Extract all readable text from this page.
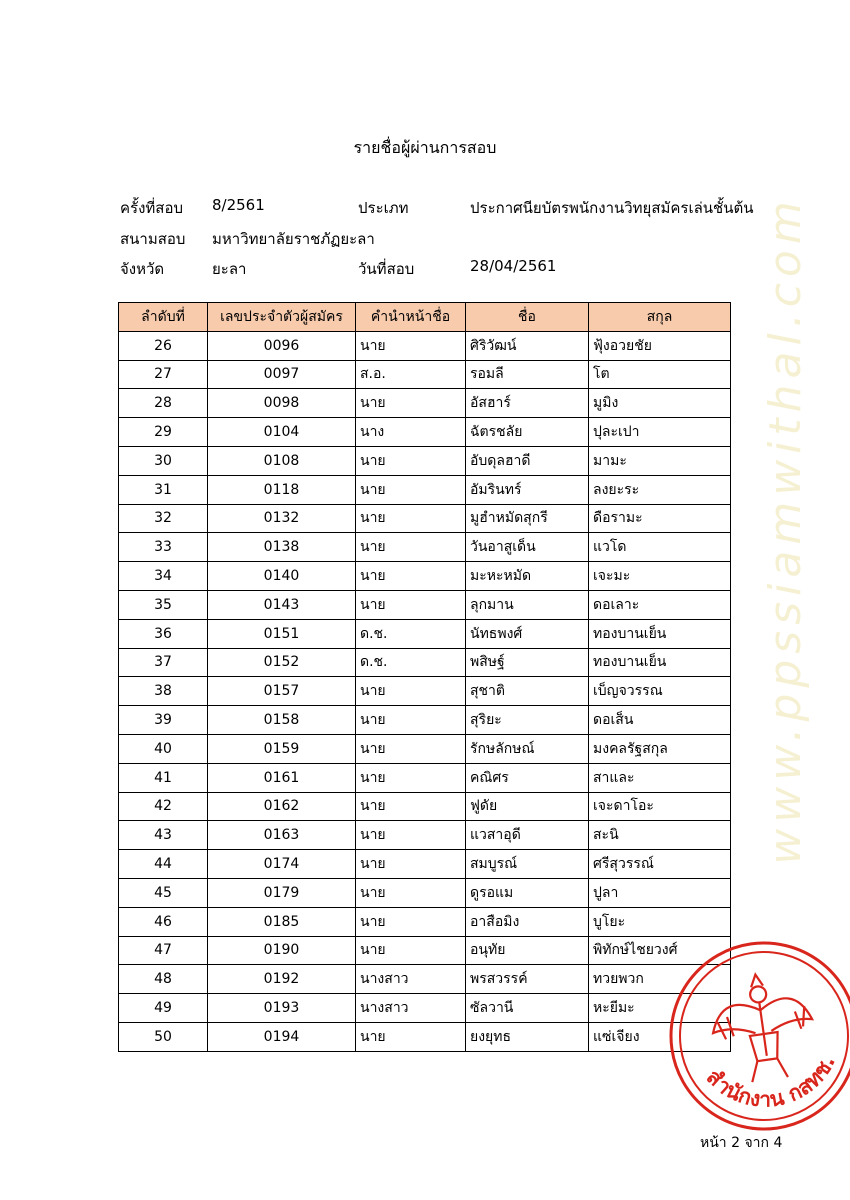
www.ppssiamwithal.com
รายชื่อผู้ผ่านการสอบ
ครั้งที่สอบ 8/2561	ประเภท	ประกาศนียบัตรพนักงานวิทยุสมัครเล่นชั้นต้น
สนามสอบ มหาวิทยาลัยราชภัฏยะลา
จังหวัด	ยะลา	วันที่สอบ	28/04/2561
ลำดับที่	เลขประจำตัวผู้สมัคร	คำนำหน้าชื่อ	ชื่อ	สกุล
26	0096	นาย	ศิริวัฒน์	ฟุ้งอวยชัย
27	0097	ส.อ.	รอมลี	โต
28	0098	นาย	อัสฮาร์	มูมิง
29	0104	นาง	ฉัตรชลัย	ปุละเปา
30	0108	นาย	อับดุลฮาดี	มามะ
31	0118	นาย	อัมรินทร์	ลงยะระ
32	0132	นาย	มูฮำหมัดสุกรี	ดือรามะ
33	0138	นาย	วันอาสูเด็น	แวโด
34	0140	นาย	มะหะหมัด	เจะมะ
35	0143	นาย	ลุกมาน	ดอเลาะ
36	0151	ด.ช.	นัทธพงศ์	ทองบานเย็น
37	0152	ด.ช.	พสิษฐ์	ทองบานเย็น
38	0157	นาย	สุชาติ	เบ็ญจวรรณ
39	0158	นาย	สุริยะ	ดอเส็น
40	0159	นาย	รักษลักษณ์	มงคลรัฐสกุล
41	0161	นาย	คณิศร	สาและ
42	0162	นาย	ฟูดัย	เจะดาโอะ
43	0163	นาย	แวสาอุดี	สะนิ
44	0174	นาย	สมบูรณ์	ศรีสุวรรณ์
45	0179	นาย	ดูรอแม	ปูลา
46	0185	นาย	อาสือมิง	บูโยะ
47	0190	นาย	อนุทัย	พิทักษ์ไชยวงศ์
48	0192	นางสาว	พรสวรรค์	ทวยพวก
49	0193	นางสาว	ซัลวานี	หะยีมะ
50	0194	นาย	ยงยุทธ	แซ่เจียง
สำนักงาน กสทช.
หน้า 2 จาก 4
